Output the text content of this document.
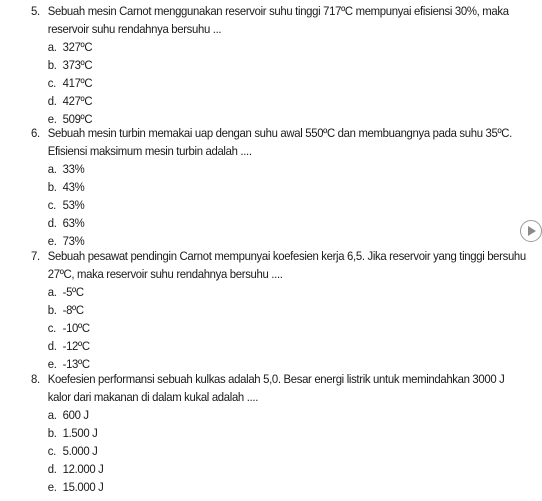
5. Sebuah mesin Carnot menggunakan reservoir suhu tinggi 717ºC mempunyai efisiensi 30%, maka
reservoir suhu rendahnya bersuhu ...
a. 327ºC
b. 373ºC
c. 417ºC
d. 427ºC
e. 509ºC
6. Sebuah mesin turbin memakai uap dengan suhu awal 550ºC dan membuangnya pada suhu 35ºC.
Efisiensi maksimum mesin turbin adalah ....
a. 33%
b. 43%
c. 53%
d. 63%
e. 73%
7. Sebuah pesawat pendingin Carnot mempunyai koefesien kerja 6,5. Jika reservoir yang tinggi bersuhu
27ºC, maka reservoir suhu rendahnya bersuhu ....
a. -5ºC
b. -8ºC
c. -10ºC
d. -12ºC
e. -13ºC
8. Koefesien performansi sebuah kulkas adalah 5,0. Besar energi listrik untuk memindahkan 3000 J
kalor dari makanan di dalam kukal adalah ....
a. 600 J
b. 1.500 J
c. 5.000 J
d. 12.000 J
e. 15.000 J
